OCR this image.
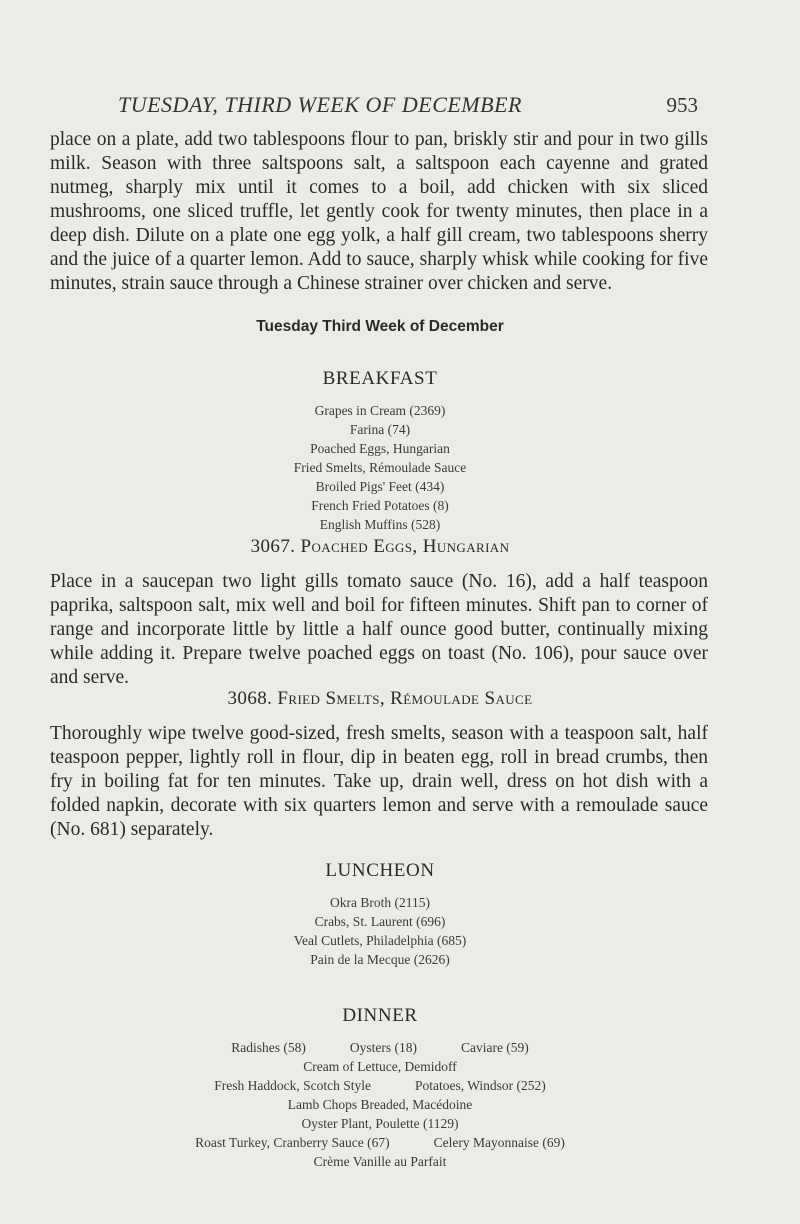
TUESDAY, THIRD WEEK OF DECEMBER	953

place on a plate, add two tablespoons flour to pan, briskly stir and pour in two gills milk. Season with three saltspoons salt, a saltspoon each cayenne and grated nutmeg, sharply mix until it comes to a boil, add chicken with six sliced mushrooms, one sliced truffle, let gently cook for twenty minutes, then place in a deep dish. Dilute on a plate one egg yolk, a half gill cream, two tablespoons sherry and the juice of a quarter lemon. Add to sauce, sharply whisk while cooking for five minutes, strain sauce through a Chinese strainer over chicken and serve.

Tuesday Third Week of December
BREAKFAST
Grapes in Cream (2369)
Farina (74)
Poached Eggs, Hungarian
Fried Smelts, Rémoulade Sauce
Broiled Pigs' Feet (434)
French Fried Potatoes (8)
English Muffins (528)
3067. Poached Eggs, Hungarian

Place in a saucepan two light gills tomato sauce (No. 16), add a half teaspoon paprika, saltspoon salt, mix well and boil for fifteen minutes. Shift pan to corner of range and incorporate little by little a half ounce good butter, continually mixing while adding it. Prepare twelve poached eggs on toast (No. 106), pour sauce over and serve.

3068. Fried Smelts, Rémoulade Sauce

Thoroughly wipe twelve good-sized, fresh smelts, season with a teaspoon salt, half teaspoon pepper, lightly roll in flour, dip in beaten egg, roll in bread crumbs, then fry in boiling fat for ten minutes. Take up, drain well, dress on hot dish with a folded napkin, decorate with six quarters lemon and serve with a remoulade sauce (No. 681) separately.

LUNCHEON
Okra Broth (2115)
Crabs, St. Laurent (696)
Veal Cutlets, Philadelphia (685)
Pain de la Mecque (2626)
DINNER
Radishes (58)	Oysters (18)	Caviare (59)
Cream of Lettuce, Demidoff
Fresh Haddock, Scotch Style	Potatoes, Windsor (252)
Lamb Chops Breaded, Macédoine
Oyster Plant, Poulette (1129)
Roast Turkey, Cranberry Sauce (67)	Celery Mayonnaise (69)
Crème Vanille au Parfait
